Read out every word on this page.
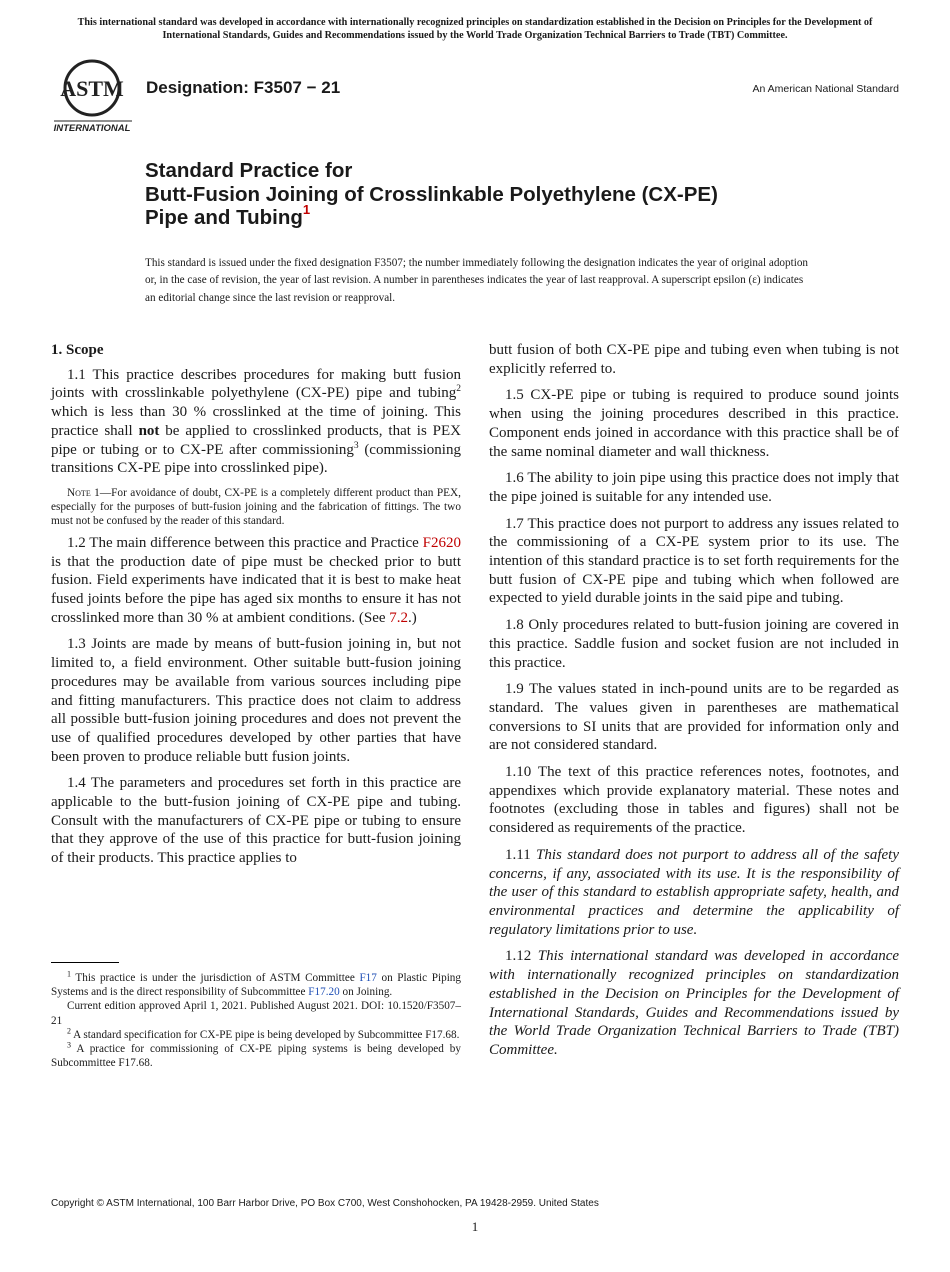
This international standard was developed in accordance with internationally recognized principles on standardization established in the Decision on Principles for the Development of International Standards, Guides and Recommendations issued by the World Trade Organization Technical Barriers to Trade (TBT) Committee.
ASTM
INTERNATIONAL
Designation: F3507 − 21	An American National Standard
Standard Practice for
Butt-Fusion Joining of Crosslinkable Polyethylene (CX-PE)
Pipe and Tubing$^1$
This standard is issued under the fixed designation F3507; the number immediately following the designation indicates the year of original adoption or, in the case of revision, the year of last revision. A number in parentheses indicates the year of last reapproval. A superscript epsilon (ε) indicates an editorial change since the last revision or reapproval.
1. Scope

1.1 This practice describes procedures for making butt fusion joints with crosslinkable polyethylene (CX-PE) pipe and tubing$^2$ which is less than 30 % crosslinked at the time of joining. This practice shall not be applied to crosslinked products, that is PEX pipe or tubing or to CX-PE after commissioning$^3$ (commissioning transitions CX-PE pipe into crosslinked pipe).

Note 1—For avoidance of doubt, CX-PE is a completely different product than PEX, especially for the purposes of butt-fusion joining and the fabrication of fittings. The two must not be confused by the reader of this standard.

1.2 The main difference between this practice and Practice F2620 is that the production date of pipe must be checked prior to butt fusion. Field experiments have indicated that it is best to make heat fused joints before the pipe has aged six months to ensure it has not crosslinked more than 30 % at ambient conditions. (See 7.2.)

1.3 Joints are made by means of butt-fusion joining in, but not limited to, a field environment. Other suitable butt-fusion joining procedures may be available from various sources including pipe and fitting manufacturers. This practice does not claim to address all possible butt-fusion joining procedures and does not prevent the use of qualified procedures developed by other parties that have been proven to produce reliable butt fusion joints.

1.4 The parameters and procedures set forth in this practice are applicable to the butt-fusion joining of CX-PE pipe and tubing. Consult with the manufacturers of CX-PE pipe or tubing to ensure that they approve of the use of this practice for butt-fusion joining of their products. This practice applies to

$^1$ This practice is under the jurisdiction of ASTM Committee F17 on Plastic Piping Systems and is the direct responsibility of Subcommittee F17.20 on Joining.

Current edition approved April 1, 2021. Published August 2021. DOI: 10.1520/F3507–21

$^2$ A standard specification for CX-PE pipe is being developed by Subcommittee F17.68.

$^3$ A practice for commissioning of CX-PE piping systems is being developed by Subcommittee F17.68.

butt fusion of both CX-PE pipe and tubing even when tubing is not explicitly referred to.

1.5 CX-PE pipe or tubing is required to produce sound joints when using the joining procedures described in this practice. Component ends joined in accordance with this practice shall be of the same nominal diameter and wall thickness.

1.6 The ability to join pipe using this practice does not imply that the pipe joined is suitable for any intended use.

1.7 This practice does not purport to address any issues related to the commissioning of a CX-PE system prior to its use. The intention of this standard practice is to set forth requirements for the butt fusion of CX-PE pipe and tubing which when followed are expected to yield durable joints in the said pipe and tubing.

1.8 Only procedures related to butt-fusion joining are covered in this practice. Saddle fusion and socket fusion are not included in this practice.

1.9 The values stated in inch-pound units are to be regarded as standard. The values given in parentheses are mathematical conversions to SI units that are provided for information only and are not considered standard.

1.10 The text of this practice references notes, footnotes, and appendixes which provide explanatory material. These notes and footnotes (excluding those in tables and figures) shall not be considered as requirements of the practice.

1.11 This standard does not purport to address all of the safety concerns, if any, associated with its use. It is the responsibility of the user of this standard to establish appropriate safety, health, and environmental practices and determine the applicability of regulatory limitations prior to use.

1.12 This international standard was developed in accordance with internationally recognized principles on standardization established in the Decision on Principles for the Development of International Standards, Guides and Recommendations issued by the World Trade Organization Technical Barriers to Trade (TBT) Committee.

Copyright © ASTM International, 100 Barr Harbor Drive, PO Box C700, West Conshohocken, PA 19428-2959. United States
1
